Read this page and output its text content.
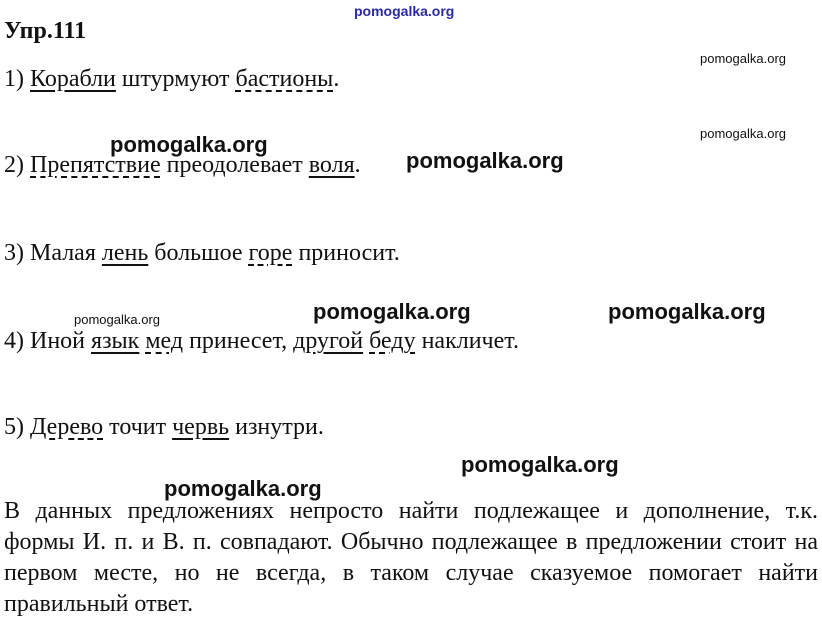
Упр.111
1) Корабли штурмуют бастионы.
2) Препятствие преодолевает воля.
3) Малая лень большое горе приносит.
4) Иной язык мед принесет, другой беду накличет.
5) Дерево точит червь изнутри.
В данных предложениях непросто найти подлежащее и дополнение, т.к. формы И. п. и В. п. совпадают. Обычно подлежащее в предложении стоит на первом месте, но не всегда, в таком случае сказуемое помогает найти правильный ответ.
pomogalka.org
pomogalka.org
pomogalka.org
pomogalka.org
pomogalka.org
pomogalka.org	pomogalka.org	pomogalka.org
pomogalka.org
pomogalka.org
